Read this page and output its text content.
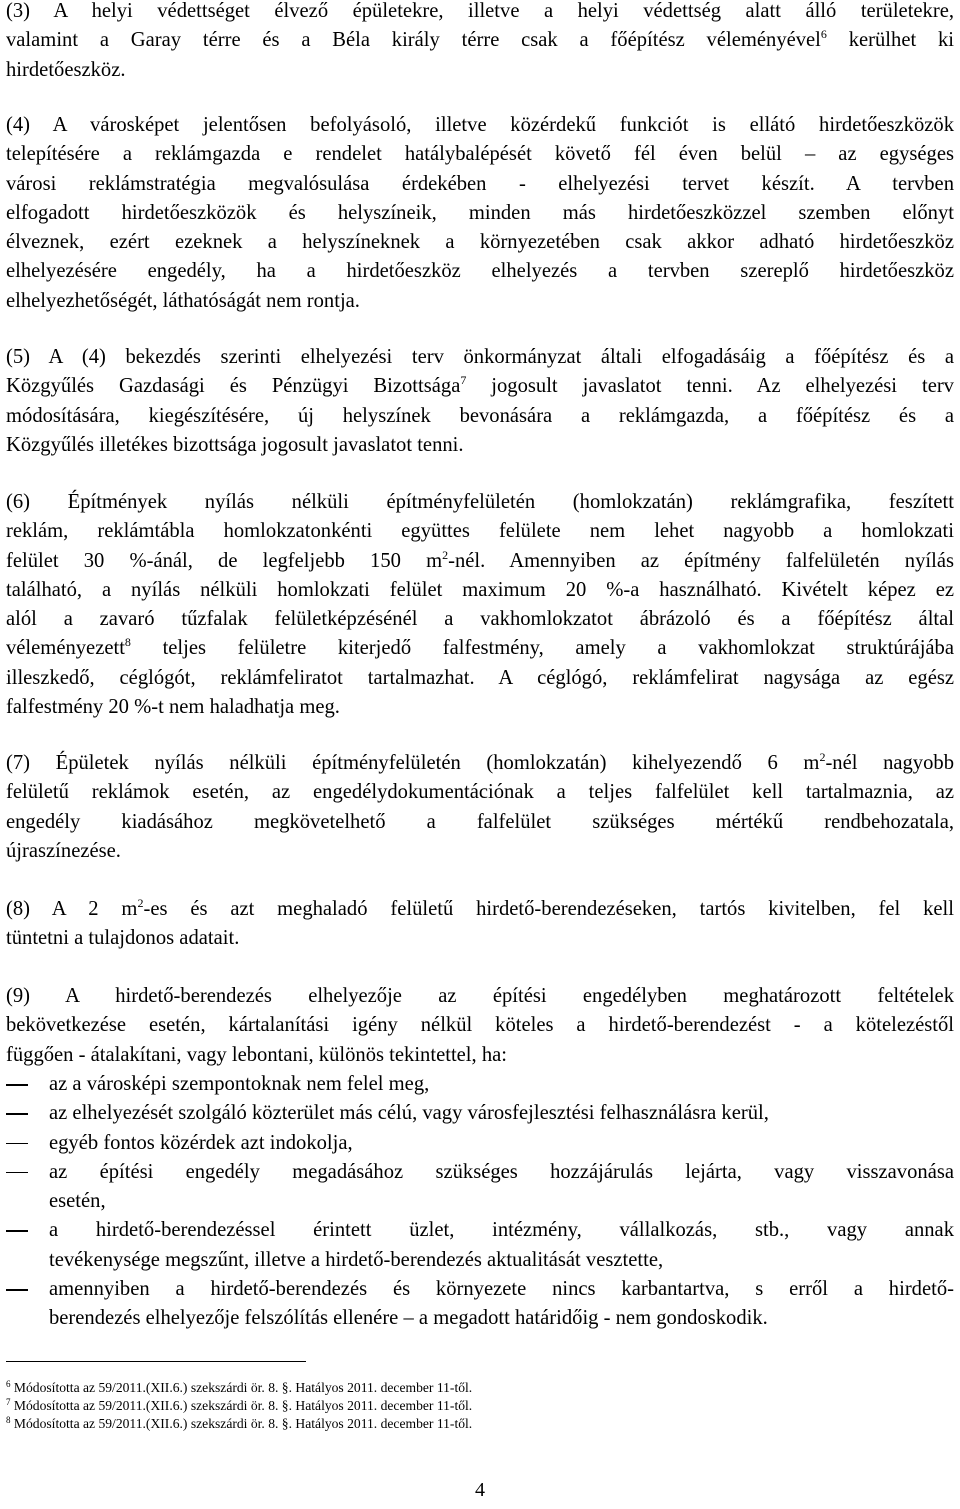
(3) A helyi védettséget élvező épületekre, illetve a helyi védettség alatt álló területekre,
valamint a Garay térre és a Béla király térre csak a főépítész véleményével$^6$ kerülhet ki
hirdetőeszköz.
(4) A városképet jelentősen befolyásoló, illetve közérdekű funkciót is ellátó hirdetőeszközök
telepítésére a reklámgazda e rendelet hatálybalépését követő fél éven belül – az egységes
városi reklámstratégia megvalósulása érdekében - elhelyezési tervet készít. A tervben
elfogadott hirdetőeszközök és helyszíneik, minden más hirdetőeszközzel szemben előnyt
élveznek, ezért ezeknek a helyszíneknek a környezetében csak akkor adható hirdetőeszköz
elhelyezésére engedély, ha a hirdetőeszköz elhelyezés a tervben szereplő hirdetőeszköz
elhelyezhetőségét, láthatóságát nem rontja.
(5) A (4) bekezdés szerinti elhelyezési terv önkormányzat általi elfogadásáig a főépítész és a
Közgyűlés Gazdasági és Pénzügyi Bizottsága$^7$ jogosult javaslatot tenni. Az elhelyezési terv
módosítására, kiegészítésére, új helyszínek bevonására a reklámgazda, a főépítész és a
Közgyűlés illetékes bizottsága jogosult javaslatot tenni.
(6) Építmények nyílás nélküli építményfelületén (homlokzatán) reklámgrafika, feszített
reklám, reklámtábla homlokzatonkénti együttes felülete nem lehet nagyobb a homlokzati
felület 30 %-ánál, de legfeljebb 150 $m^2$-nél. Amennyiben az építmény falfelületén nyílás
található, a nyílás nélküli homlokzati felület maximum 20 %-a használható. Kivételt képez ez
alól a zavaró tűzfalak felületképzésénél a vakhomlokzatot ábrázoló és a főépítész által
véleményezett$^8$ teljes felületre kiterjedő falfestmény, amely a vakhomlokzat struktúrájába
illeszkedő, céglógót, reklámfeliratot tartalmazhat. A céglógó, reklámfelirat nagysága az egész
falfestmény 20 %-t nem haladhatja meg.
(7) Épületek nyílás nélküli építményfelületén (homlokzatán) kihelyezendő 6 $m^2$-nél nagyobb
felületű reklámok esetén, az engedélydokumentációnak a teljes falfelület kell tartalmaznia, az
engedély kiadásához megkövetelhető a falfelület szükséges mértékű rendbehozatala,
újraszínezése.
(8) A 2 $m^2-es$ és azt meghaladó felületű hirdető-berendezéseken, tartós kivitelben, fel kell
tüntetni a tulajdonos adatait.
(9) A hirdető-berendezés elhelyezője az építési engedélyben meghatározott feltételek
bekövetkezése esetén, kártalanítási igény nélkül köteles a hirdető-berendezést - a kötelezéstől
függően - átalakítani, vagy lebontani, különös tekintettel, ha:
az a városképi szempontoknak nem felel meg,
az elhelyezését szolgáló közterület más célú, vagy városfejlesztési felhasználásra kerül,
egyéb fontos közérdek azt indokolja,
az építési engedély megadásához szükséges hozzájárulás lejárta, vagy visszavonása
esetén,
a hirdető-berendezéssel érintett üzlet, intézmény, vállalkozás, stb., vagy annak
tevékenysége megszűnt, illetve a hirdető-berendezés aktualitását vesztette,
amennyiben a hirdető-berendezés és környezete nincs karbantartva, s erről a hirdető-
berendezés elhelyezője felszólítás ellenére – a megadott határidőig - nem gondoskodik.
$^6$ Módosította az 59/2011.(XII.6.) szekszárdi ör. 8. §. Hatályos 2011. december 11-től.
$^7$ Módosította az 59/2011.(XII.6.) szekszárdi ör. 8. §. Hatályos 2011. december 11-től.
$^8$ Módosította az 59/2011.(XII.6.) szekszárdi ör. 8. §. Hatályos 2011. december 11-től.
4
